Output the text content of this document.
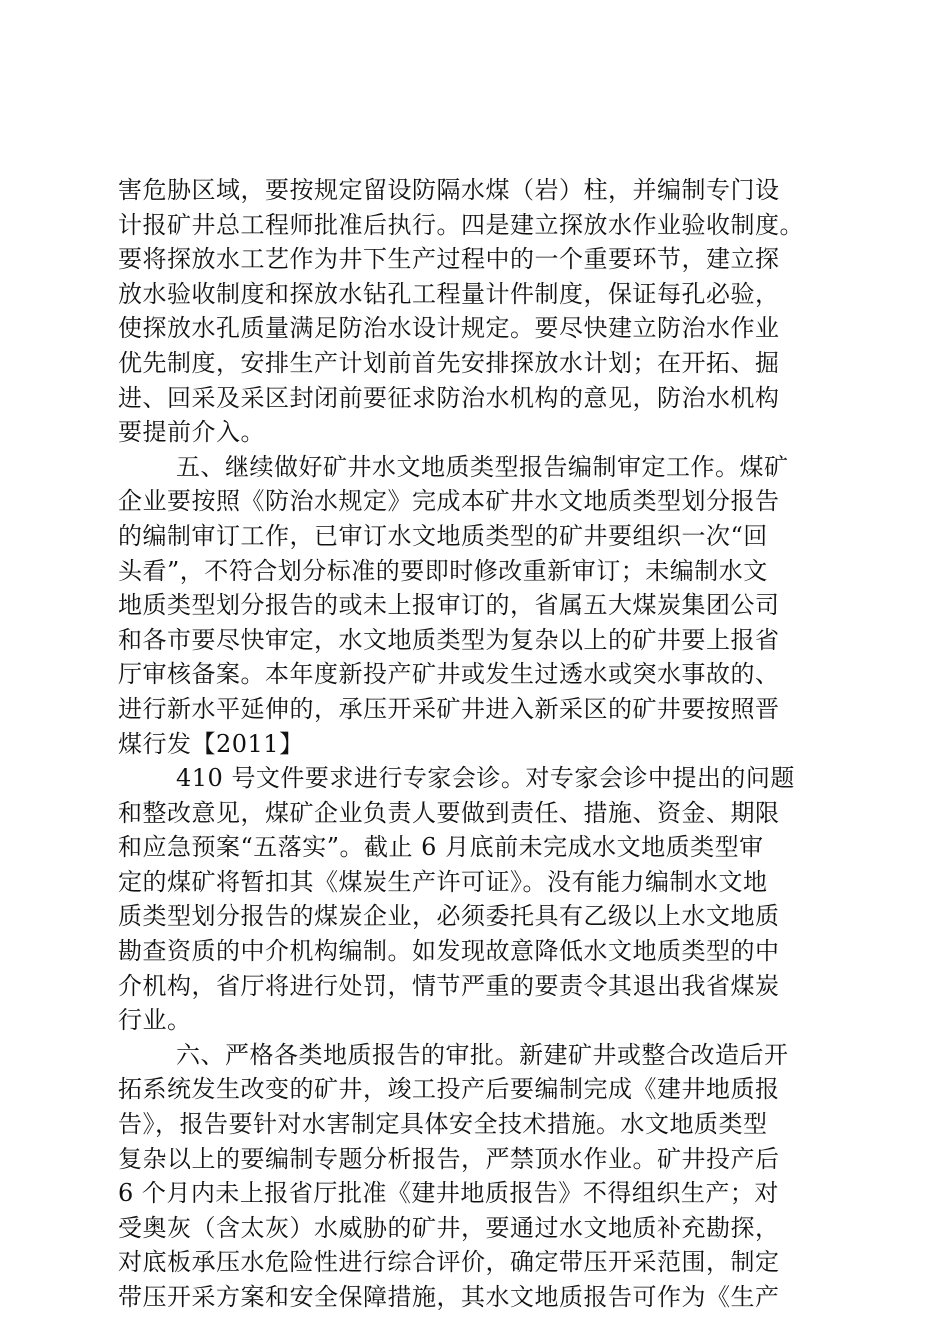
害危胁区域，要按规定留设防隔水煤（岩）柱，并编制专门设
计报矿井总工程师批准后执行。四是建立探放水作业验收制度。
要将探放水工艺作为井下生产过程中的一个重要环节，建立探
放水验收制度和探放水钻孔工程量计件制度，保证每孔必验，
使探放水孔质量满足防治水设计规定。要尽快建立防治水作业
优先制度，安排生产计划前首先安排探放水计划；在开拓、掘
进、回采及采区封闭前要征求防治水机构的意见，防治水机构
要提前介入。
五、继续做好矿井水文地质类型报告编制审定工作。煤矿
企业要按照《防治水规定》完成本矿井水文地质类型划分报告
的编制审订工作，已审订水文地质类型的矿井要组织一次“回
头看”，不符合划分标准的要即时修改重新审订；未编制水文
地质类型划分报告的或未上报审订的，省属五大煤炭集团公司
和各市要尽快审定，水文地质类型为复杂以上的矿井要上报省
厅审核备案。本年度新投产矿井或发生过透水或突水事故的、
进行新水平延伸的，承压开采矿井进入新采区的矿井要按照晋
煤行发【2011】
410 号文件要求进行专家会诊。对专家会诊中提出的问题
和整改意见，煤矿企业负责人要做到责任、措施、资金、期限
和应急预案“五落实”。截止 6 月底前未完成水文地质类型审
定的煤矿将暂扣其《煤炭生产许可证》。没有能力编制水文地
质类型划分报告的煤炭企业，必须委托具有乙级以上水文地质
勘查资质的中介机构编制。如发现故意降低水文地质类型的中
介机构，省厅将进行处罚，情节严重的要责令其退出我省煤炭
行业。
六、严格各类地质报告的审批。新建矿井或整合改造后开
拓系统发生改变的矿井，竣工投产后要编制完成《建井地质报
告》，报告要针对水害制定具体安全技术措施。水文地质类型
复杂以上的要编制专题分析报告，严禁顶水作业。矿井投产后
6 个月内未上报省厅批准《建井地质报告》不得组织生产；对
受奥灰（含太灰）水威胁的矿井，要通过水文地质补充勘探，
对底板承压水危险性进行综合评价，确定带压开采范围，制定
带压开采方案和安全保障措施，其水文地质报告可作为《生产
